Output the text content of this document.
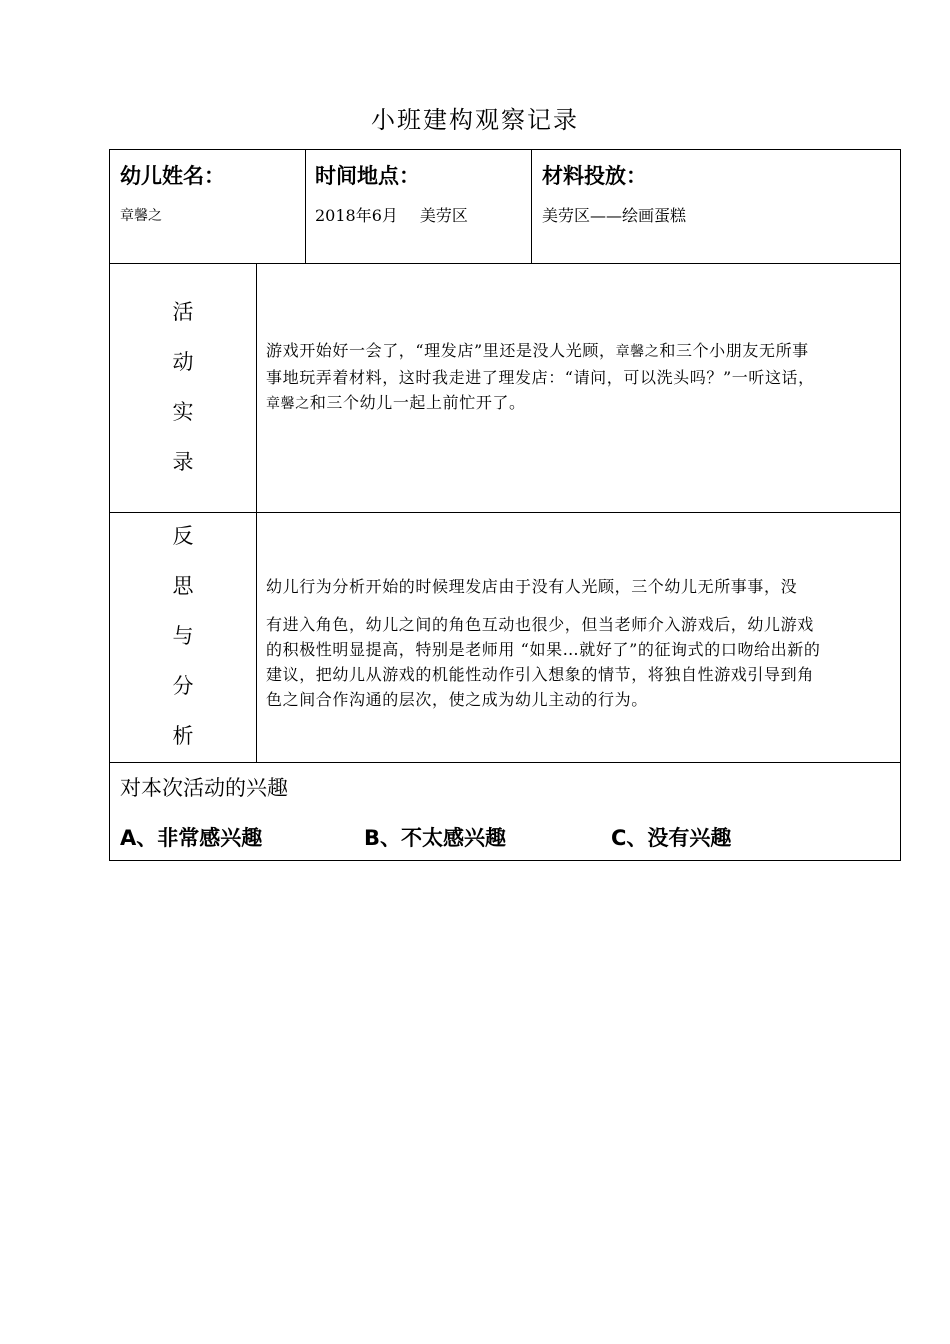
小班建构观察记录
幼儿姓名：
章馨之
时间地点：
2018年6月 美劳区
材料投放：
美劳区——绘画蛋糕
活
动
实
录
游戏开始好一会了，“理发店”里还是没人光顾，章馨之和三个小朋友无所事
事地玩弄着材料，这时我走进了理发店：“请问，可以洗头吗？”一听这话，
章馨之和三个幼儿一起上前忙开了。
反
思
与
分
析
幼儿行为分析开始的时候理发店由于没有人光顾，三个幼儿无所事事，没
有进入角色，幼儿之间的角色互动也很少，但当老师介入游戏后，幼儿游戏
的积极性明显提高，特别是老师用 “如果…就好了”的征询式的口吻给出新的
建议，把幼儿从游戏的机能性动作引入想象的情节，将独自性游戏引导到角
色之间合作沟通的层次，使之成为幼儿主动的行为。
对本次活动的兴趣
A、非常感兴趣	B、不太感兴趣	C、没有兴趣
